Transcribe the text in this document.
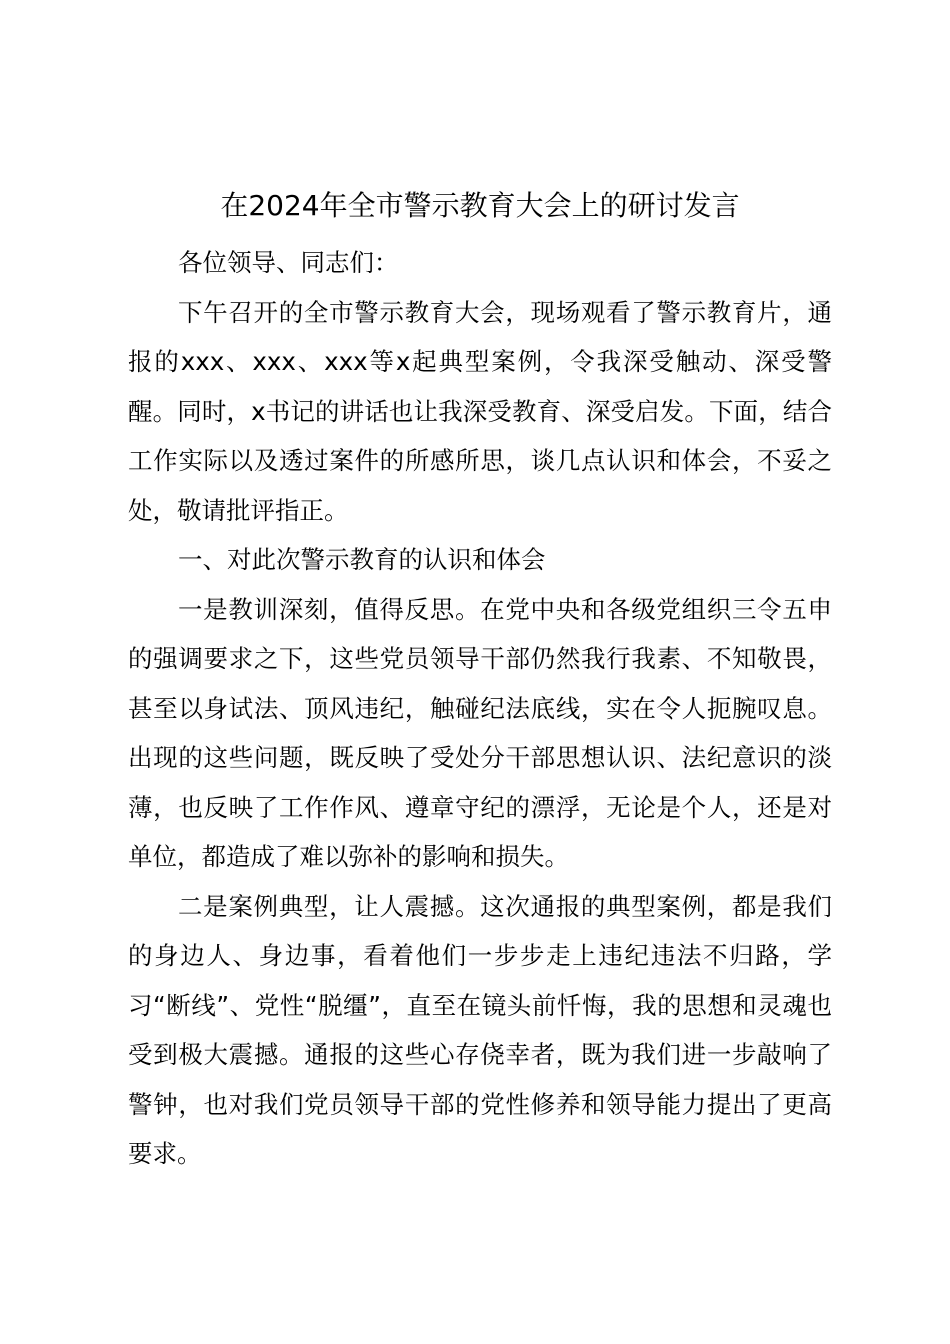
在2024年全市警示教育大会上的研讨发言

各位领导、同志们：

下午召开的全市警示教育大会，现场观看了警示教育片，通报的xxx、xxx、xxx等x起典型案例，令我深受触动、深受警醒。同时，x书记的讲话也让我深受教育、深受启发。下面，结合工作实际以及透过案件的所感所思，谈几点认识和体会，不妥之处，敬请批评指正。

一、对此次警示教育的认识和体会

一是教训深刻，值得反思。在党中央和各级党组织三令五申的强调要求之下，这些党员领导干部仍然我行我素、不知敬畏，甚至以身试法、顶风违纪，触碰纪法底线，实在令人扼腕叹息。出现的这些问题，既反映了受处分干部思想认识、法纪意识的淡薄，也反映了工作作风、遵章守纪的漂浮，无论是个人，还是对单位，都造成了难以弥补的影响和损失。

二是案例典型，让人震撼。这次通报的典型案例，都是我们的身边人、身边事，看着他们一步步走上违纪违法不归路，学习“断线”、党性“脱缰”，直至在镜头前忏悔，我的思想和灵魂也受到极大震撼。通报的这些心存侥幸者，既为我们进一步敲响了警钟，也对我们党员领导干部的党性修养和领导能力提出了更高要求。
